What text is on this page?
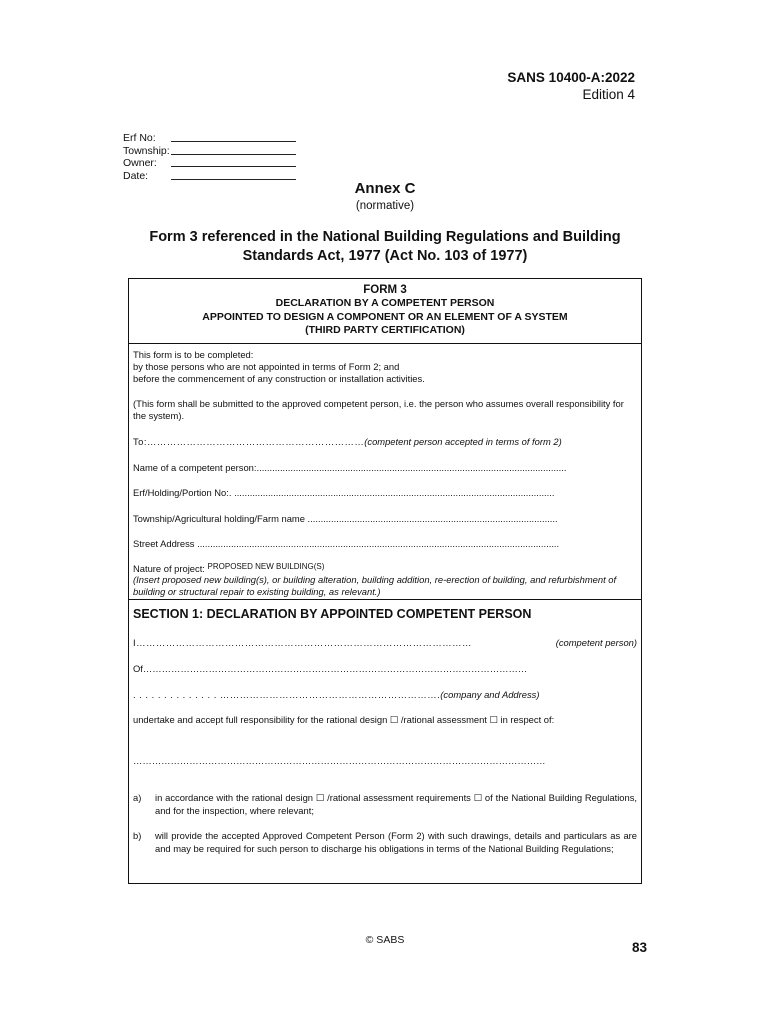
SANS 10400-A:2022
Edition 4
Erf No:
Township:
Owner:
Date:
Annex C
(normative)
Form 3 referenced in the National Building Regulations and Building Standards Act, 1977 (Act No. 103 of 1977)
FORM 3
DECLARATION BY A COMPETENT PERSON
APPOINTED TO DESIGN A COMPONENT OR AN ELEMENT OF A SYSTEM
(THIRD PARTY CERTIFICATION)
This form is to be completed:
by those persons who are not appointed in terms of Form 2; and
before the commencement of any construction or installation activities.
(This form shall be submitted to the approved competent person, i.e. the person who assumes overall responsibility for the system).
To:…………………………………………………………(competent person accepted in terms of form 2)
Name of a competent person:.......................................................................................................................
Erf/Holding/Portion No:. ...........................................................................................................................
Township/Agricultural holding/Farm name ................................................................................................
Street Address ...........................................................................................................................................
Nature of project: PROPOSED NEW BUILDING(S)
(Insert proposed new building(s), or building alteration, building addition, re-erection of building, and refurbishment of building or structural repair to existing building, as relevant.)
SECTION 1: DECLARATION BY APPOINTED COMPETENT PERSON
I…………………………………………………………………………………………	(competent person)
Of……………………………………………………………………………………………………………
. . . . . . . . . . . . . . …………………………………………………………. (company and Address)
undertake and accept full responsibility for the rational design ☐ /rational assessment ☐ in respect of:
……………………………………………………………………………………………………………………
a)	in accordance with the rational design ☐ /rational assessment requirements ☐ of the National Building Regulations, and for the inspection, where relevant;
b)	will provide the accepted Approved Competent Person (Form 2) with such drawings, details and particulars as are and may be required for such person to discharge his obligations in terms of the National Building Regulations;
© SABS	83
